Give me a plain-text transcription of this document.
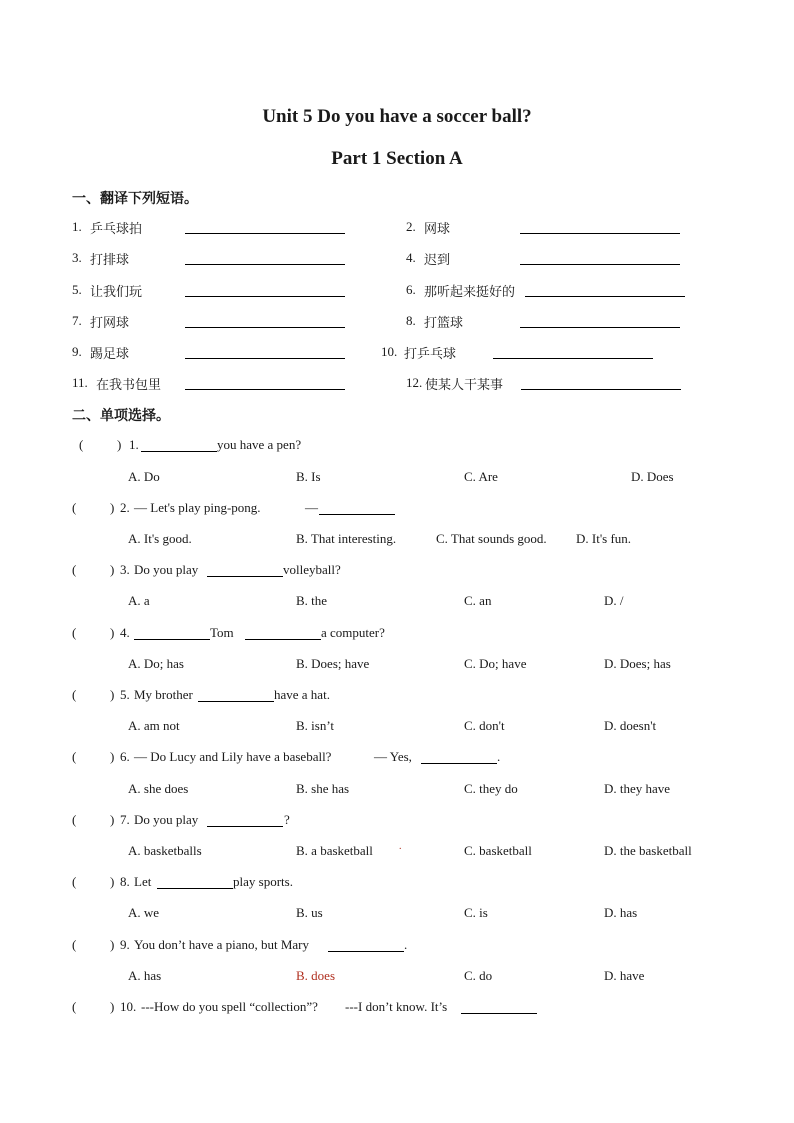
Unit 5 Do you have a soccer ball?
Part 1 Section A
一、翻译下列短语。
1. 乒乓球拍	2. 网球
3. 打排球	4. 迟到
5. 让我们玩	6. 那听起来挺好的
7. 打网球	8. 打篮球
9. 踢足球	10. 打乒乓球
11. 在我书包里	12. 使某人干某事
二、单项选择。
(	) 1.	you have a pen?
A. Do	B. Is	C. Are	D. Does
(	) 2. — Let's play ping-pong.	—
A. It's good.	B. That interesting.	C. That sounds good. D. It's fun.
(	) 3. Do you play	volleyball?
A. a	B. the	C. an	D. /
(	) 4.	Tom	a computer?
A. Do; has	B. Does; have	C. Do; have	D. Does; has
(	) 5. My brother	have a hat.
A. am not	B. isn’t	C. don't	D. doesn't
(	) 6. — Do Lucy and Lily have a baseball?	— Yes,	.
A. she does	B. she has	C. they do	D. they have
(	) 7. Do you play	?
A. basketballs	B. a basketball	.	C. basketball	D. the basketball
(	) 8. Let	play sports.
A. we	B. us	C. is	D. has
(	) 9. You don’t have a piano, but Mary	.
A. has	B. does	C. do	D. have
(	) 10. ---How do you spell “collection”? ---I don’t know. It’s
